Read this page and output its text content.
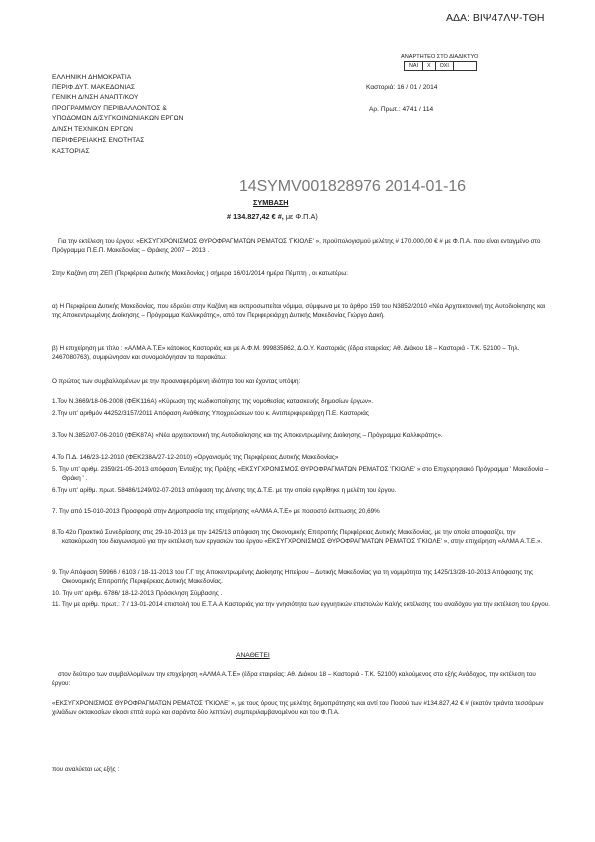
ΑΔΑ: ΒΙΨ47ΛΨ-ΤΘΗ
ΑΝΑΡΤΗΤΕΟ ΣΤΟ ΔΙΑΔΙΚΤΥΟ
ΝΑΙ	Χ	ΟΧΙ	
ΕΛΛΗΝΙΚΗ ΔΗΜΟΚΡΑΤΙΑ
ΠΕΡΙΦ.ΔΥΤ. ΜΑΚΕΔΟΝΙΑΣ
ΓΕΝΙΚΗ Δ/ΝΣΗ ΑΝΑΠΤ/ΚΟΥ
ΠΡΟΓΡΑΜΜ/ΟΥ ΠΕΡΙΒΑΛΛΟΝΤΟΣ &
ΥΠΟΔΟΜΩΝ Δ/ΣΥΓΚΟΙΝΩΝΙΑΚΩΝ ΕΡΓΩΝ
Δ/ΝΣΗ ΤΕΧΝΙΚΩΝ ΕΡΓΩΝ
ΠΕΡΙΦΕΡΕΙΑΚΗΣ ΕΝΟΤΗΤΑΣ
ΚΑΣΤΟΡΙΑΣ
Καστοριά: 16 / 01 / 2014
Αρ. Πρωτ.: 4741 / 114
14SYMV001828976 2014-01-16
ΣΥΜΒΑΣΗ
# 134.827,42 € #, με Φ.Π.Α)

Για την εκτέλεση του έργου: «ΕΚΣΥΓΧΡΟΝΙΣΜΟΣ ΘΥΡΟΦΡΑΓΜΑΤΩΝ ΡΕΜΑΤΟΣ 'ΓΚΙΟΛΕ' », προϋπολογισμού μελέτης # 170.000,00 € # με Φ.Π.Α. που είναι ενταγμένο στο Πρόγραμμα Π.Ε.Π. Μακεδονίας – Θράκης 2007 – 2013 .

Στην Καζάνη στη ΖΕΠ (Περιφέρεια Δυτικής Μακεδονίας ) σήμερα 16/01/2014 ημέρα Πέμπτη , οι κατωτέρω:

α) Η Περιφέρεια Δυτικής Μακεδονίας, που εδρεύει στην Καζάνη και εκπροσωπείται νόμιμα, σύμφωνα με το άρθρο 159 του Ν3852/2010 «Νέα Αρχιτεκτονική της Αυτοδιοίκησης και της Αποκεντρωμένης Διοίκησης – Πρόγραμμα Καλλικράτης», από τον Περιφερειάρχη Δυτικής Μακεδονίας Γιώργο Δακή.

β) Η επιχείρηση με τίτλο : «ΑΛΜΑ Α.Τ.Ε» κάτοικος Καστοριάς και με Α.Φ.Μ. 999835862, Δ.Ο.Υ. Καστοριάς (έδρα εταιρείας: Αθ. Διάκου 18 – Καστοριά - Τ.Κ. 52100 – Τηλ. 2467080763), συμφώνησαν και συνομολόγησαν τα παρακάτω:

Ο πρώτος των συμβαλλομένων με την προαναφερόμενη ιδιότητα του και έχοντας υπόψη:

1.Τον Ν.3669/18-06-2008 (ΦΕΚ116Α) «Κύρωση της κωδικοποίησης της νομοθεσίας κατασκευής δημοσίων έργων».

2.Την υπ' αριθμόν 44252/3157/2011 Απόφαση Ανάθεσης Υποχρεώσεων του κ. Αντιπεριφερειάρχη Π.Ε. Καστοριάς

3.Τον Ν.3852/07-06-2010 (ΦΕΚ87Α) «Νέα αρχιτεκτονική της Αυτοδιοίκησης και της Αποκεντρωμένης Διοίκησης – Πρόγραμμα Καλλικράτης».

4.Το Π.Δ. 146/23-12-2010 (ΦΕΚ238Α/27-12-2010) «Οργανισμός της Περιφέρειας Δυτικής Μακεδονίας»

5. Την υπ' αριθμ. 2359/21-05-2013 απόφαση Ένταξης της Πράξης «ΕΚΣΥΓΧΡΟΝΙΣΜΟΣ ΘΥΡΟΦΡΑΓΜΑΤΩΝ ΡΕΜΑΤΟΣ 'ΓΚΙΟΛΕ' » στο Επιχειρησιακό Πρόγραμμα ' Μακεδονία – Θράκη ' .

6.Την υπ' αρίθμ. πρωτ. 58486/1249/02-07-2013 απόφαση της Δ/νσης της Δ.Τ.Ε. με την οποία εγκρίθηκε η μελέτη του έργου.

7. Την από 15-010-2013 Προσφορά στην Δημοπρασία της επιχείρησης «ΑΛΜΑ Α.Τ.Ε» με ποσοστό έκπτωσης 20,69%

8.Το 42ο Πρακτικό Συνεδρίασης στις 29-10-2013 με την 1425/13 απόφαση της Οικονομικής Επιτροπής Περιφέρειας Δυτικής Μακεδονίας, με την οποία αποφασίζει, την κατακύρωση του διαγωνισμού για την εκτέλεση των εργασιών του έργου «ΕΚΣΥΓΧΡΟΝΙΣΜΟΣ ΘΥΡΟΦΡΑΓΜΑΤΩΝ ΡΕΜΑΤΟΣ 'ΓΚΙΟΛΕ' », στην επιχείρηση «ΑΛΜΑ Α.Τ.Ε.».

9. Την Απόφαση 59966 / 6103 / 18-11-2013 του Γ.Γ της Αποκεντρωμένης Διοίκησης Ηπείρου – Δυτικής Μακεδονίας για τη νομιμότητα της 1425/13/28-10-2013 Απόφασης της Οικονομικής Επιτροπής Περιφέρειας Δυτικής Μακεδονίας.

10. Την υπ' αριθμ. 6786/ 18-12-2013 Πρόσκληση Σύμβασης .

11. Την με αριθμ. πρωτ.: 7 / 13-01-2014 επιστολή του Ε.Τ.Α.Α Καστοριάς για την γνησιότητα των εγγυητικών επιστολών Καλής εκτέλεσης του αναδόχου για την εκτέλεση του έργου.

ΑΝΑΘΕΤΕΙ

στον δεύτερο των συμβαλλομένων την επιχείρηση «ΑΛΜΑ Α.Τ.Ε» (έδρα εταιρείας: Αθ. Διάκου 18 – Καστοριά - Τ.Κ. 52100) καλούμενος στο εξής Ανάδοχος, την εκτέλεση του έργου:

«ΕΚΣΥΓΧΡΟΝΙΣΜΟΣ ΘΥΡΟΦΡΑΓΜΑΤΩΝ ΡΕΜΑΤΟΣ 'ΓΚΙΟΛΕ' », με τους όρους της μελέτης δημοπράτησης και αντί του Ποσού των #134.827,42 € # (εκατόν τριάντα τεσσάρων χιλιάδων οκτακοσίων είκοσι επτά ευρώ και σαράντα δύο λεπτών) συμπεριλαμβανομένου και του Φ.Π.Α.

που αναλύεται ως εξής :
